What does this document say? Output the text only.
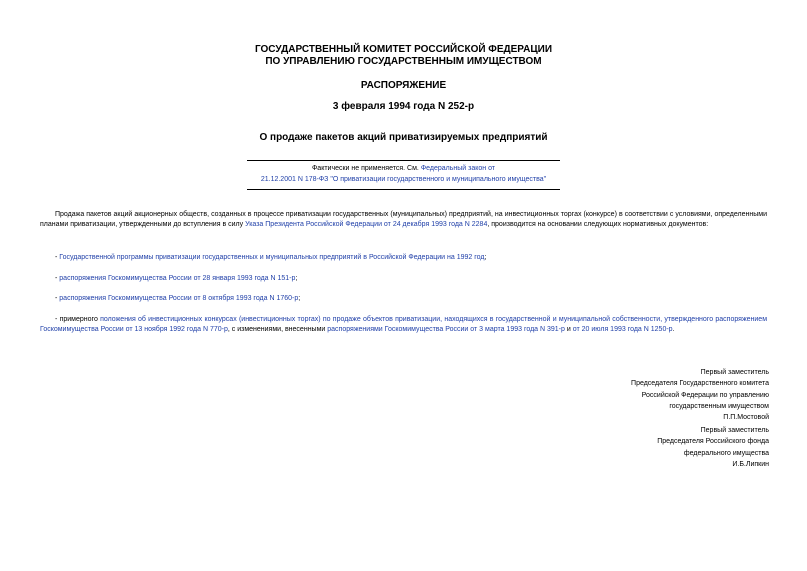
ГОСУДАРСТВЕННЫЙ КОМИТЕТ РОССИЙСКОЙ ФЕДЕРАЦИИ
ПО УПРАВЛЕНИЮ ГОСУДАРСТВЕННЫМ ИМУЩЕСТВОМ
РАСПОРЯЖЕНИЕ
3 февраля 1994 года N 252-р
О продаже пакетов акций приватизируемых предприятий
Фактически не применяется. См. Федеральный закон от
21.12.2001 N 178-ФЗ "О приватизации государственного и муниципального имущества"

Продажа пакетов акций акционерных обществ, созданных в процессе приватизации государственных (муниципальных) предприятий, на инвестиционных торгах (конкурсе) в соответствии с условиями, определенными планами приватизации, утвержденными до вступления в силу Указа Президента Российской Федерации от 24 декабря 1993 года N 2284, производится на основании следующих нормативных документов:

- Государственной программы приватизации государственных и муниципальных предприятий в Российской Федерации на 1992 год;

- распоряжения Госкомимущества России от 28 января 1993 года N 151-р;

- распоряжения Госкомимущества России от 8 октября 1993 года N 1760-р;

- примерного положения об инвестиционных конкурсах (инвестиционных торгах) по продаже объектов приватизации, находящихся в государственной и муниципальной собственности, утвержденного распоряжением Госкомимущества России от 13 ноября 1992 года N 770-р, с изменениями, внесенными распоряжениями Госкомимущества России от 3 марта 1993 года N 391-р и от 20 июля 1993 года N 1250-р.

Первый заместитель
Председателя Государственного комитета
Российской Федерации по управлению
государственным имуществом
П.П.Мостовой
Первый заместитель
Председателя Российского фонда
федерального имущества
И.Б.Липкин
